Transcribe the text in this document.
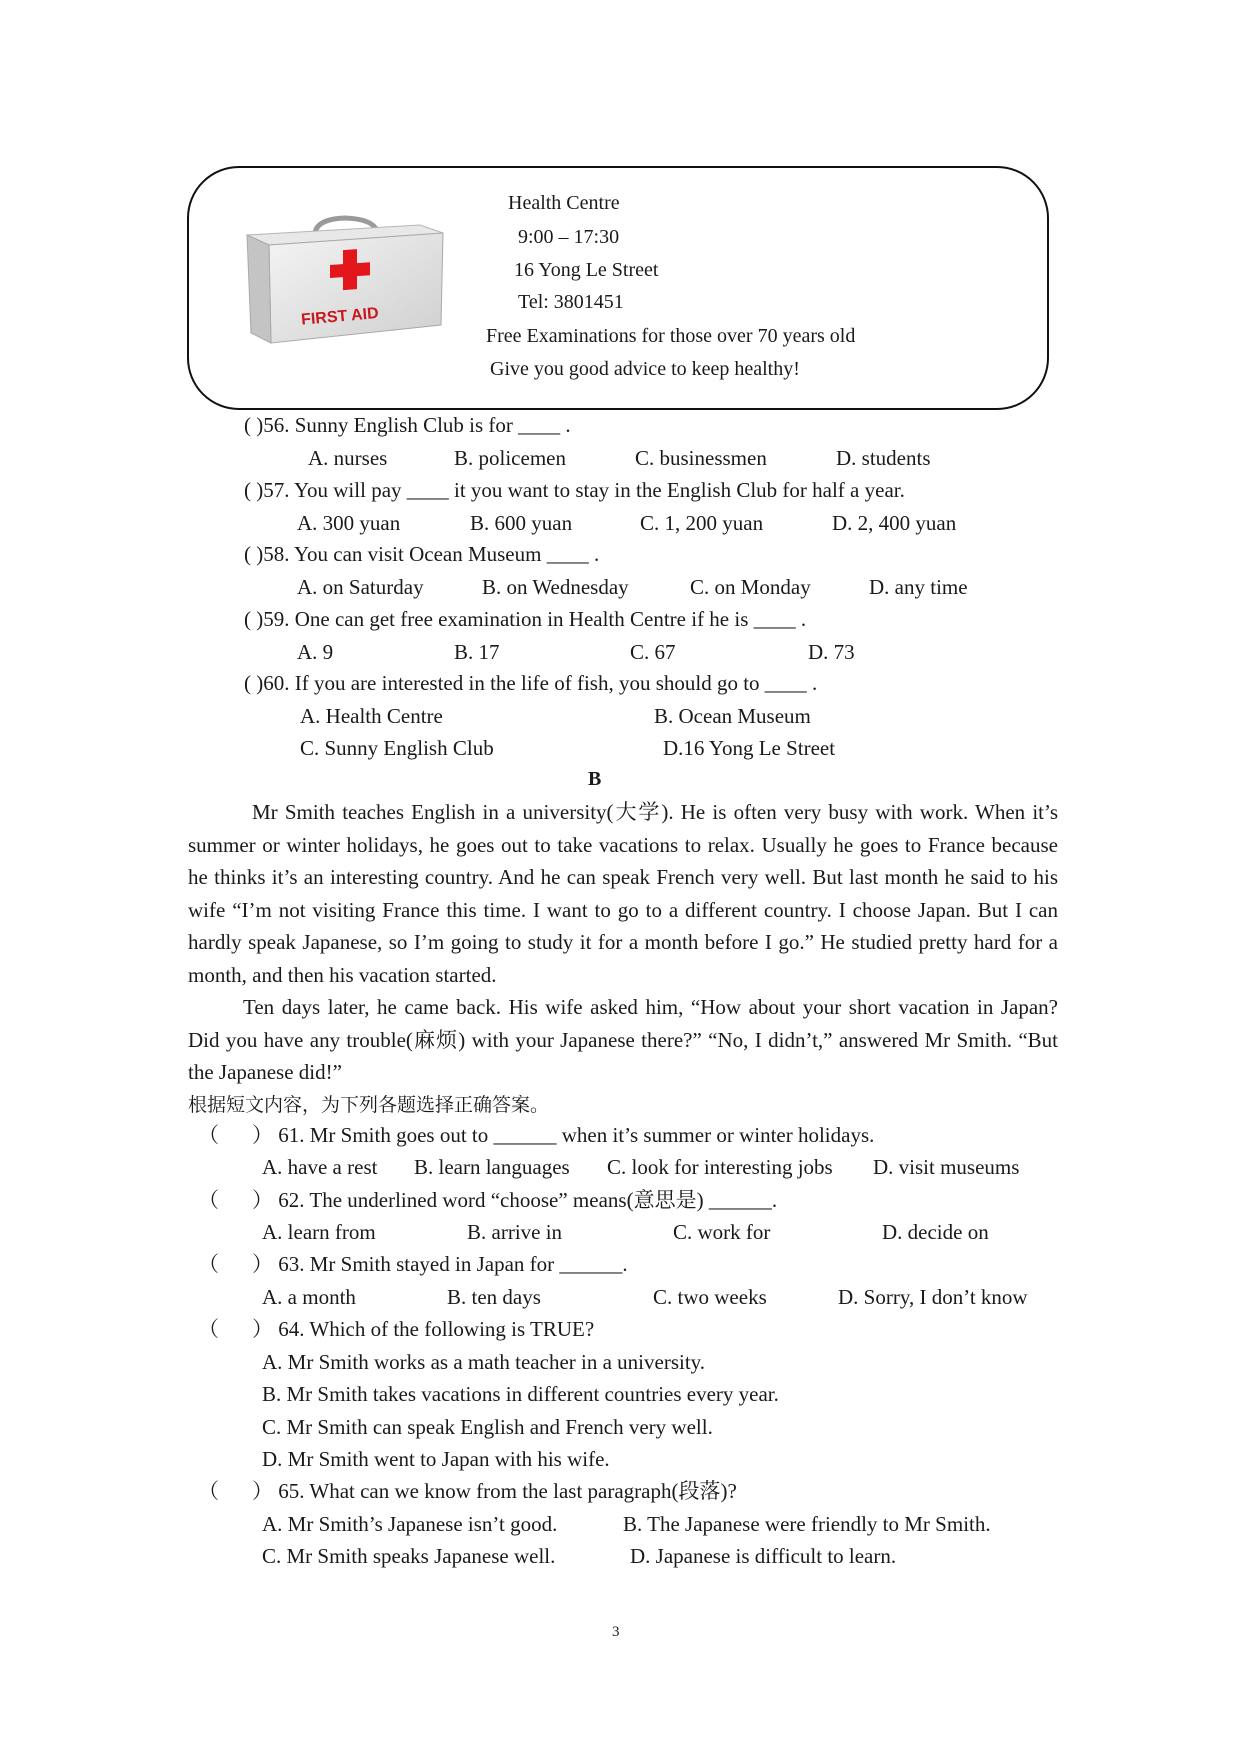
FIRST AID
Health Centre
9:00 – 17:30
16 Yong Le Street
Tel: 3801451
Free Examinations for those over 70 years old
Give you good advice to keep healthy!
( )56. Sunny English Club is for ____ .
A. nurses	B. policemen	C. businessmen	D. students
( )57. You will pay ____ it you want to stay in the English Club for half a year.
A. 300 yuan	B. 600 yuan	C. 1, 200 yuan	D. 2, 400 yuan
( )58. You can visit Ocean Museum ____ .
A. on Saturday	B. on Wednesday	C. on Monday	D. any time
( )59. One can get free examination in Health Centre if he is ____ .
A. 9	B. 17	C. 67	D. 73
( )60. If you are interested in the life of fish, you should go to ____ .
A. Health Centre	B. Ocean Museum
C. Sunny English Club	D.16 Yong Le Street
B
Mr Smith teaches English in a university(大学). He is often very busy with work. When it’s summer or winter holidays, he goes out to take vacations to relax. Usually he goes to France because he thinks it’s an interesting country. And he can speak French very well. But last month he said to his wife “I’m not visiting France this time. I want to go to a different country. I choose Japan. But I can hardly speak Japanese, so I’m going to study it for a month before I go.” He studied pretty hard for a month, and then his vacation started.
Ten days later, he came back. His wife asked him, “How about your short vacation in Japan? Did you have any trouble(麻烦) with your Japanese there?” “No, I didn’t,” answered Mr Smith. “But the Japanese did!”
根据短文内容，为下列各题选择正确答案。
（ ） 61. Mr Smith goes out to ______ when it’s summer or winter holidays.
A. have a rest B. learn languages C. look for interesting jobs D. visit museums
（ ） 62. The underlined word “choose” means(意思是) ______.
A. learn from	B. arrive in	C. work for	D. decide on
（ ） 63. Mr Smith stayed in Japan for ______.
A. a month	B. ten days	C. two weeks	D. Sorry, I don’t know
（ ） 64. Which of the following is TRUE?
A. Mr Smith works as a math teacher in a university.
B. Mr Smith takes vacations in different countries every year.
C. Mr Smith can speak English and French very well.
D. Mr Smith went to Japan with his wife.
（ ） 65. What can we know from the last paragraph(段落)?
A. Mr Smith’s Japanese isn’t good.	B. The Japanese were friendly to Mr Smith.
C. Mr Smith speaks Japanese well.	D. Japanese is difficult to learn.
3
